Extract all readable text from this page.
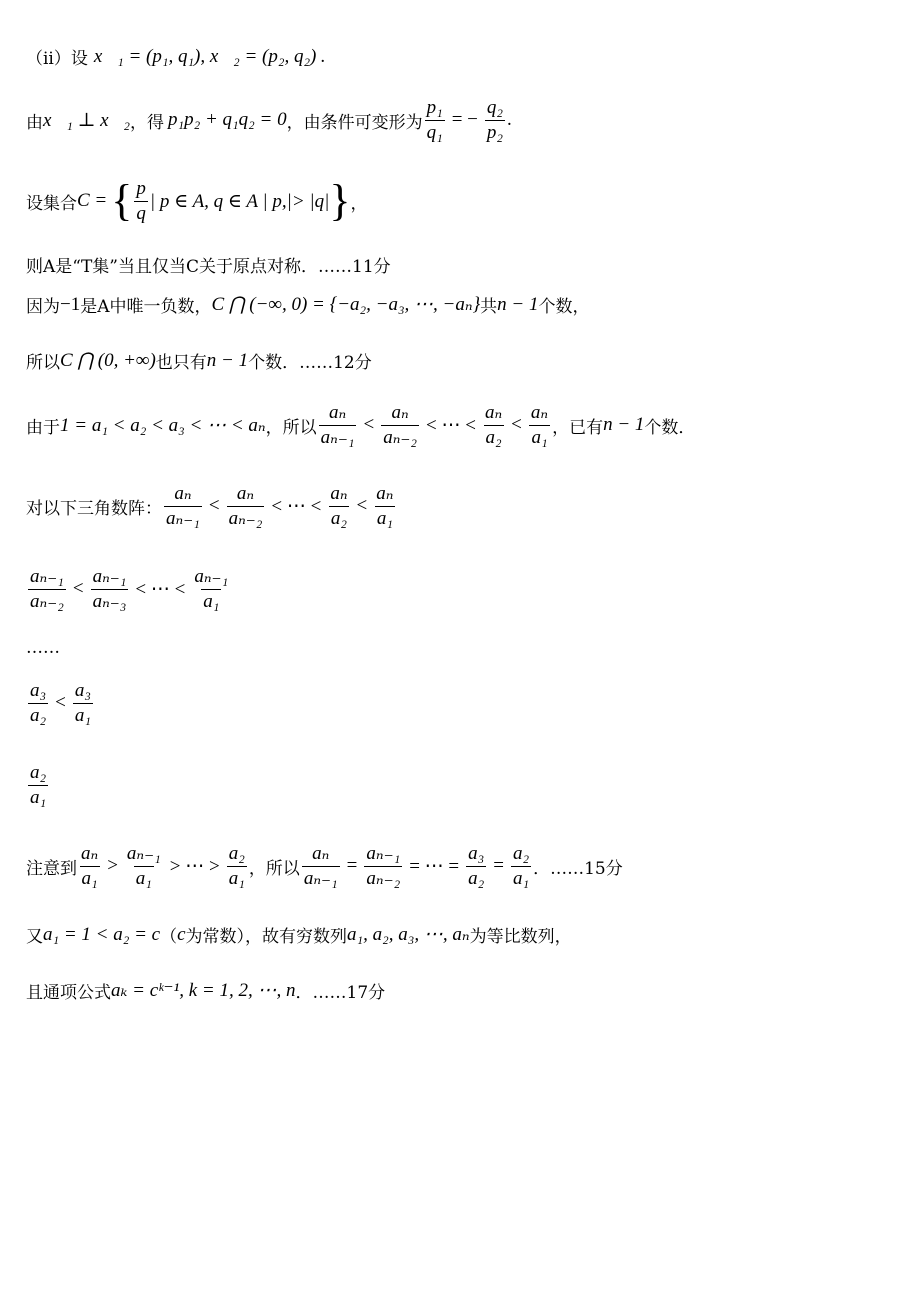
（ii）设 x⃗₁ = (p₁, q₁), x⃗₂ = (p₂, q₂) .
由 x⃗₁ ⊥ x⃗₂ ，得 p₁p₂ + q₁q₂ = 0 ，由条件可变形为 $\frac{\text{p₁}}{\text{q₁}}$ = − $\frac{\text{q₂}}{\text{p₂}}$ .
设集合 C = { $\frac{p}{q}$ | p ∈ A, q ∈ A | p,|> |q| } ，
则A是“T集”当且仅当C关于原点对称．……11分
因为 −1 是A中唯一负数， C ⋂ (−∞, 0) = {−a₂, −a₃, ⋯, −aₙ} 共 n − 1 个数，
所以 C ⋂ (0, +∞) 也只有 n − 1 个数．……12分
由于 1 = a₁ < a₂ < a₃ < ⋯ < aₙ ，所以 $\frac{\text{aₙ}}{\text{aₙ₋₁}} < \frac{\text{aₙ}}{\text{aₙ₋₂}}$ < ⋯ < $\frac{\text{aₙ}}{\text{a₂}} < \frac{\text{aₙ}}{\text{a₁}}$ ，已有 n − 1 个数．
对以下三角数阵： $\frac{\text{aₙ}}{\text{aₙ₋₁}} < \frac{\text{aₙ}}{\text{aₙ₋₂}}$ < ⋯ < $\frac{\text{aₙ}}{\text{a₂}} < \frac{\text{aₙ}}{\text{a₁}}$
$\frac{\text{aₙ₋₁}}{\text{aₙ₋₂}} < \frac{\text{aₙ₋₁}}{\text{aₙ₋₃}}$ < ⋯ < $\frac{\text{aₙ₋₁}}{\text{a₁}}$
……
$\frac{\text{a₃}}{\text{a₂}} < \frac{\text{a₃}}{\text{a₁}}$
$\frac{\text{a₂}}{\text{a₁}}$
注意到 $\frac{\text{aₙ}}{\text{a₁}} > \frac{\text{aₙ₋₁}}{\text{a₁}}$ > ⋯ > $\frac{\text{a₂}}{\text{a₁}}$ ，所以 $\frac{\text{aₙ}}{\text{aₙ₋₁}} = \frac{\text{aₙ₋₁}}{\text{aₙ₋₂}}$ = ⋯ = $\frac{\text{a₃}}{\text{a₂}} = \frac{\text{a₂}}{\text{a₁}}$ ．……15分
又 a₁ = 1 < a₂ = c （ c 为常数），故有穷数列 a₁, a₂, a₃, ⋯, aₙ 为等比数列，
且通项公式 aₖ = cᵏ⁻¹, k = 1, 2, ⋯, n ．……17分
